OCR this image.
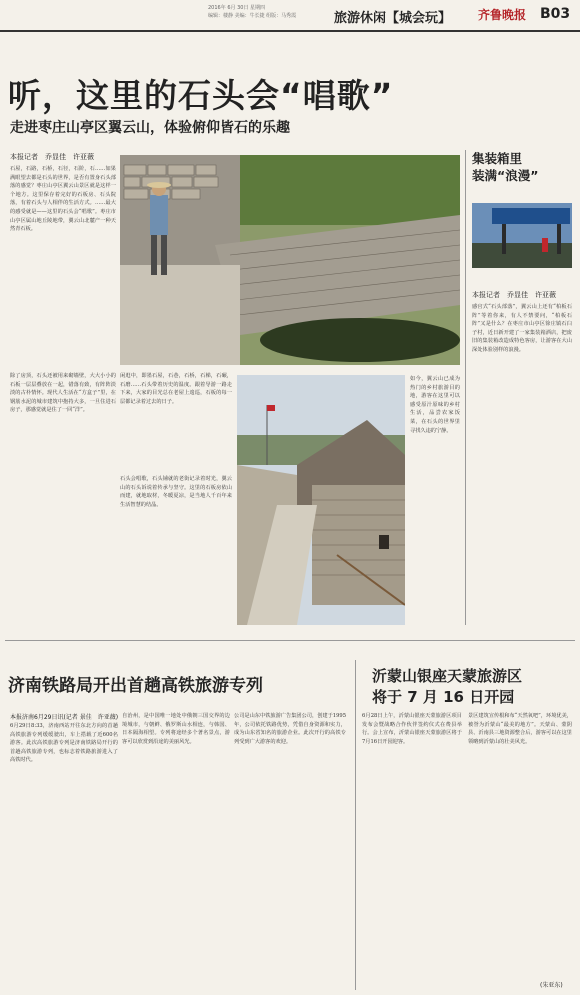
2016年 6月 30日 星期四
编辑：楼静 美编：牛长捷 组版：马秀霞	旅游休闲【城会玩】 齐鲁晚报 B03
听，这里的石头会“唱歌”
走进枣庄山亭区翼云山，体验俯仰皆石的乐趣
本报记者　乔显佳　许亚薇
石屋，石路，石桥，石径，石阶，石……如果满眼望去都是石头的世界，是否有置身石头部落的感觉？枣庄山亭区翼云山景区就是这样一个地方。这里保存着完好的石板房、石头院落，有着石头与人相伴的生活方式。……最大的感受就是——这里的石头会“唱歌”。枣庄市山亭区属山地丘陵地带，翼云山北麓产一种天然青石板。
除了房顶，石头还被用来砌墙壁，大大小小的石板一层层叠放在一起，错落有致，有阵阵淡淡的古朴情怀。现代人生活在“方盒子”里，在钢筋水泥的城市建筑中抱持大多，一旦住进石房子，那感觉就是住了一回“洋”。
闲逛中，即墨石屋，石巷，石桥，石梯，石碾，石磨……石头带着历史的温度。跟着导游一路走下来，大家的目光总在老屋上逡巡，石板的每一层都记录着过去的日子。
石头会唱歌，石头铺就的老街记录着时光，翼云山的石头诉说着传承与坚守。这里的石板房依山而建，就地取材，冬暖夏凉，是当地人千百年来生活智慧的结晶。
如今，翼云山已成为热门的乡村旅游目的地，游客在这里可以感受原汁原味的乡村生活，品尝农家饭菜，在石头的世界里寻找久违的宁静。
集装箱里
装满“浪漫”
本报记者　乔显佳　许亚薇
感官式“石头部落”，翼云山上还有“柏板石阵”等着你来，有人不禁要问，“柏板石阵”又是什么？在枣庄市山亭区徐庄镇石臼子村，近日新开建了一家集装箱酒店，把废旧的集装箱改造成特色客房，让游客在大山深处体验别样的浪漫。
济南铁路局开出首趟高铁旅游专列
本报济南6月29日讯(记者 景佳　许亚薇)
6月29日8:33，济南西站开往东北方向的首趟高铁旅游专列缓缓驶出，车上搭载了近600名游客。此次高铁旅游专列是济南铁路局开行的首趟高铁旅游专列，也标志着铁路旅游进入了高铁时代。
自治州，是中国唯一地处中俄朝三国交界的边境城市，与朝鲜、俄罗斯山水相连，与韩国、日本隔海相望。专列将途经多个著名景点，游客可以欣赏到沿途的美丽风光。
公司是山东中铁旅游广告集团公司，创建于1995年，公司依托铁路优势，凭借自身资源和实力，成为山东省知名的旅游企业。此次开行的高铁专列受到广大游客的欢迎。
沂蒙山银座天蒙旅游区
将于 7 月 16 日开园
6月28日上午，沂蒙山银座天蒙旅游区项目发布会暨战略合作伙伴签约仪式在费县举行。会上宣布，沂蒙山银座天蒙旅游区将于7月16日开园迎客。
景区建筑宣传根和布“天然氧吧”，环境优美，被誉为沂蒙山“最美的地方”。天蒙山、蒙阴县、沂南县三地资源整合后，游客可以在这里领略到沂蒙山的壮美风光。
(朱亚东)
